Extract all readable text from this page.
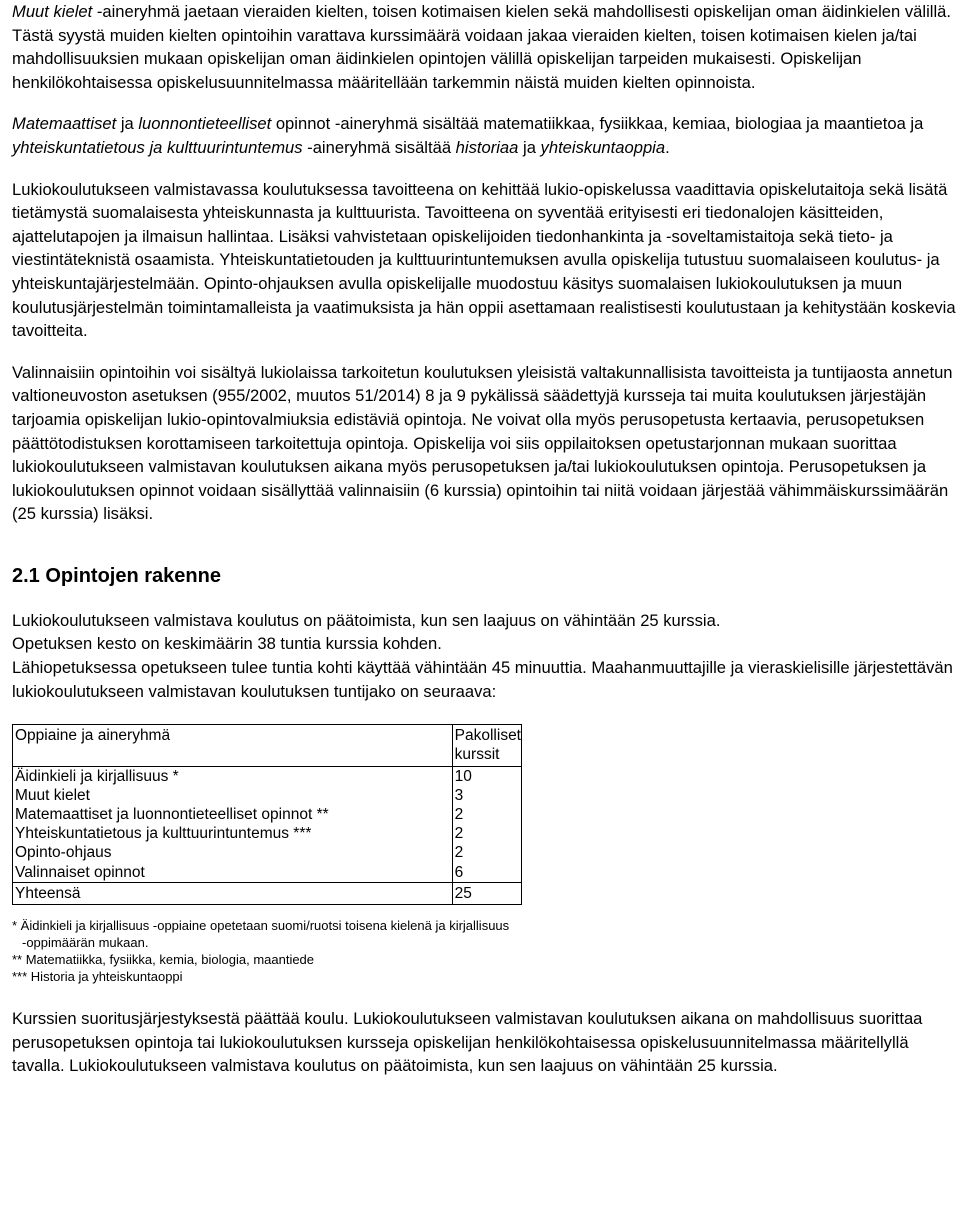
Muut kielet -aineryhmä jaetaan vieraiden kielten, toisen kotimaisen kielen sekä mahdollisesti opiskelijan oman äidinkielen välillä. Tästä syystä muiden kielten opintoihin varattava kurssimäärä voidaan jakaa vieraiden kielten, toisen kotimaisen kielen ja/tai mahdollisuuksien mukaan opiskelijan oman äidinkielen opintojen välillä opiskelijan tarpeiden mukaisesti. Opiskelijan henkilökohtaisessa opiskelusuunnitelmassa määritellään tarkemmin näistä muiden kielten opinnoista.

Matemaattiset ja luonnontieteelliset opinnot -aineryhmä sisältää matematiikkaa, fysiikkaa, kemiaa, biologiaa ja maantietoa ja yhteiskuntatietous ja kulttuurintuntemus -aineryhmä sisältää historiaa ja yhteiskuntaoppia.

Lukiokoulutukseen valmistavassa koulutuksessa tavoitteena on kehittää lukio-opiskelussa vaadittavia opiskelutaitoja sekä lisätä tietämystä suomalaisesta yhteiskunnasta ja kulttuurista. Tavoitteena on syventää erityisesti eri tiedonalojen käsitteiden, ajattelutapojen ja ilmaisun hallintaa. Lisäksi vahvistetaan opiskelijoiden tiedonhankinta ja -soveltamistaitoja sekä tieto- ja viestintäteknistä osaamista. Yhteiskuntatietouden ja kulttuurintuntemuksen avulla opiskelija tutustuu suomalaiseen koulutus- ja yhteiskuntajärjestelmään. Opinto-ohjauksen avulla opiskelijalle muodostuu käsitys suomalaisen lukiokoulutuksen ja muun koulutusjärjestelmän toimintamalleista ja vaatimuksista ja hän oppii asettamaan realistisesti koulutustaan ja kehitystään koskevia tavoitteita.

Valinnaisiin opintoihin voi sisältyä lukiolaissa tarkoitetun koulutuksen yleisistä valtakunnallisista tavoitteista ja tuntijaosta annetun valtioneuvoston asetuksen (955/2002, muutos 51/2014) 8 ja 9 pykälissä säädettyjä kursseja tai muita koulutuksen järjestäjän tarjoamia opiskelijan lukio-opintovalmiuksia edistäviä opintoja. Ne voivat olla myös perusopetusta kertaavia, perusopetuksen päättötodistuksen korottamiseen tarkoitettuja opintoja. Opiskelija voi siis oppilaitoksen opetustarjonnan mukaan suorittaa lukiokoulutukseen valmistavan koulutuksen aikana myös perusopetuksen ja/tai lukiokoulutuksen opintoja. Perusopetuksen ja lukiokoulutuksen opinnot voidaan sisällyttää valinnaisiin (6 kurssia) opintoihin tai niitä voidaan järjestää vähimmäiskurssimäärän (25 kurssia) lisäksi.

2.1 Opintojen rakenne

Lukiokoulutukseen valmistava koulutus on päätoimista, kun sen laajuus on vähintään 25 kurssia.

Opetuksen kesto on keskimäärin 38 tuntia kurssia kohden.

Lähiopetuksessa opetukseen tulee tuntia kohti käyttää vähintään 45 minuuttia. Maahanmuuttajille ja vieraskielisille järjestettävän lukiokoulutukseen valmistavan koulutuksen tuntijako on seuraava:

Oppiaine ja aineryhmä	Pakolliset kurssit
Äidinkieli ja kirjallisuus *	10
Muut kielet	3
Matemaattiset ja luonnontieteelliset opinnot **	2
Yhteiskuntatietous ja kulttuurintuntemus ***	2
Opinto-ohjaus	2
Valinnaiset opinnot	6
Yhteensä	25

* Äidinkieli ja kirjallisuus -oppiaine opetetaan suomi/ruotsi toisena kielenä ja kirjallisuus

-oppimäärän mukaan.

** Matematiikka, fysiikka, kemia, biologia, maantiede

*** Historia ja yhteiskuntaoppi

Kurssien suoritusjärjestyksestä päättää koulu. Lukiokoulutukseen valmistavan koulutuksen aikana on mahdollisuus suorittaa perusopetuksen opintoja tai lukiokoulutuksen kursseja opiskelijan henkilökohtaisessa opiskelusuunnitelmassa määritellyllä tavalla. Lukiokoulutukseen valmistava koulutus on päätoimista, kun sen laajuus on vähintään 25 kurssia.
